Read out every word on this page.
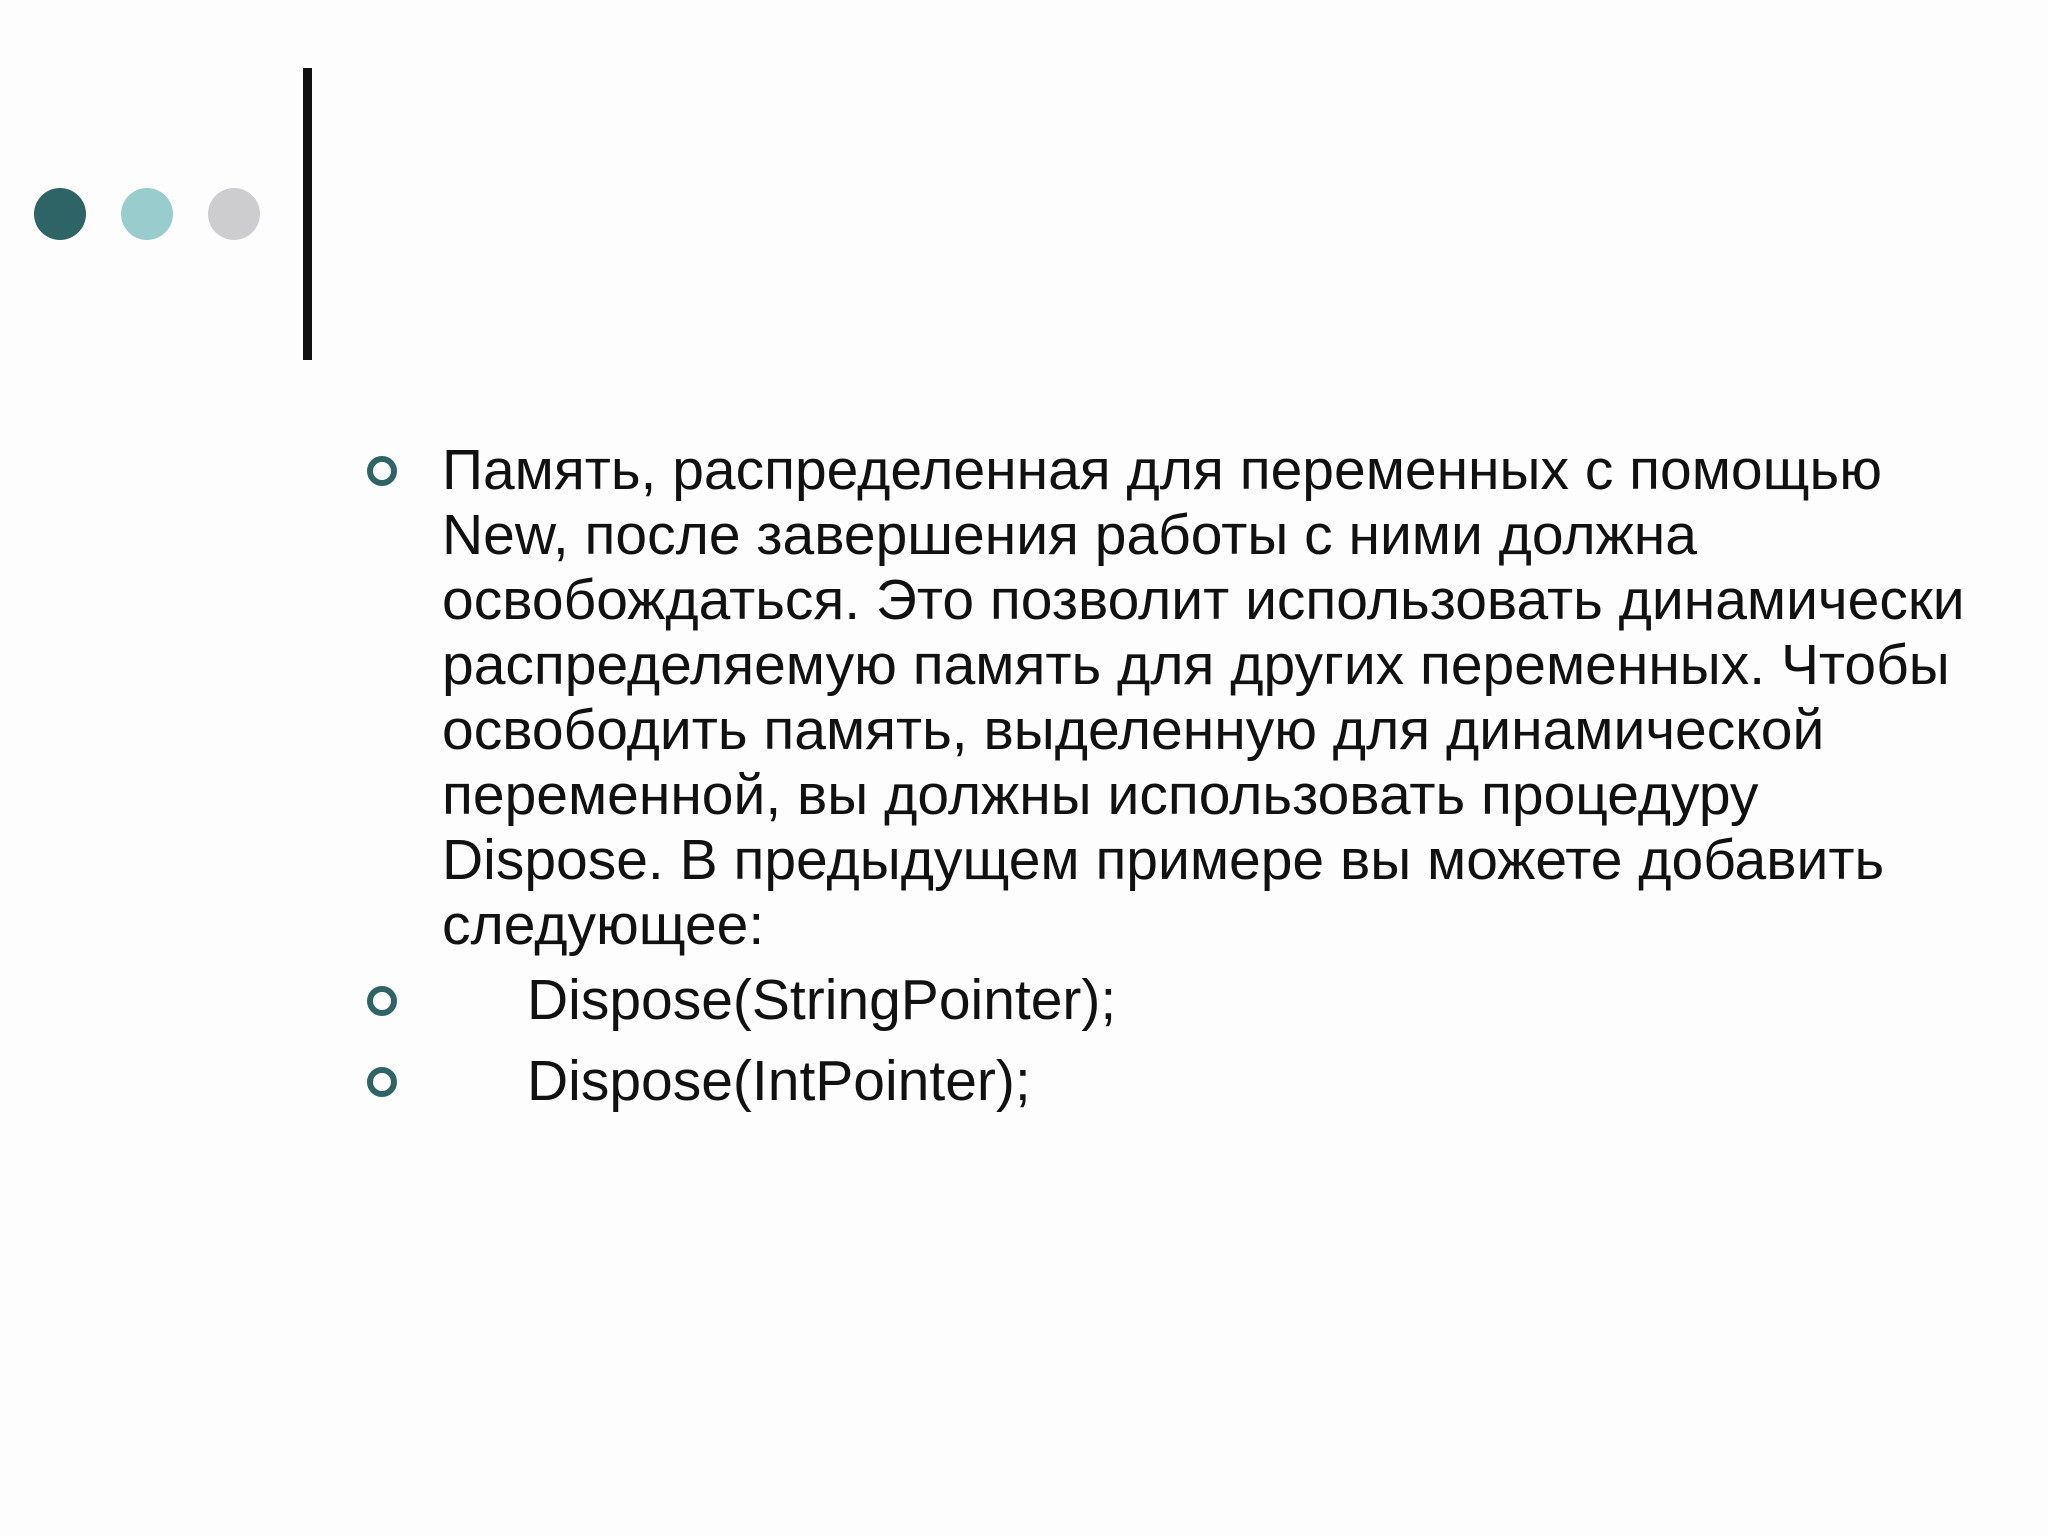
Память, распределенная для переменных с помощью New, после завершения работы с ними должна освобождаться. Это позволит использовать динамически распределяемую память для других переменных. Чтобы освободить память, выделенную для динамической переменной, вы должны использовать процедуру Dispose. В предыдущем примере вы можете добавить следующее:
Dispose(StringPointer);
Dispose(IntPointer);
